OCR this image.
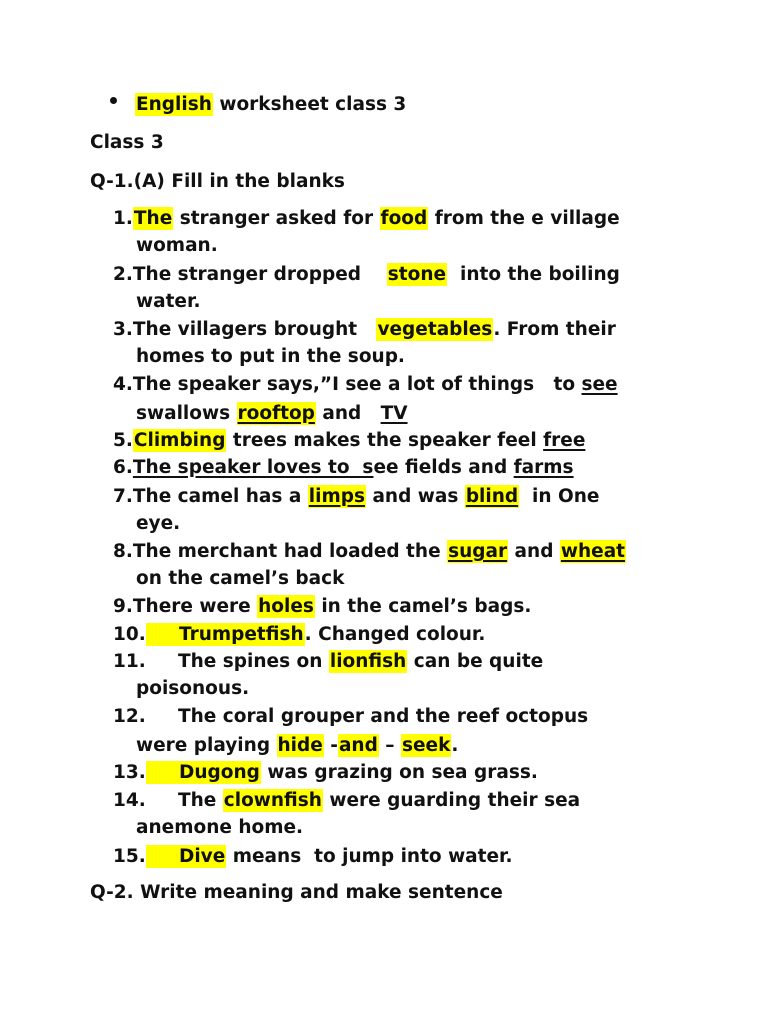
English worksheet class 3
Class 3
Q-1.(A) Fill in the blanks
1.The stranger asked for food from the e village
woman.
2.The stranger dropped    stone  into the boiling
water.
3.The villagers brought   vegetables. From their
homes to put in the soup.
4.The speaker says,”I see a lot of things   to see
swallows rooftop and   TV
5.Climbing trees makes the speaker feel free
6.The speaker loves to  see fields and farms
7.The camel has a limps and was blind  in One
eye.
8.The merchant had loaded the sugar and wheat
on the camel’s back
9.There were holes in the camel’s bags.
10.     Trumpetfish. Changed colour.
11.     The spines on lionfish can be quite
poisonous.
12.     The coral grouper and the reef octopus
were playing hide -and – seek.
13.     Dugong was grazing on sea grass.
14.     The clownfish were guarding their sea
anemone home.
15.     Dive means  to jump into water.
Q-2. Write meaning and make sentence
